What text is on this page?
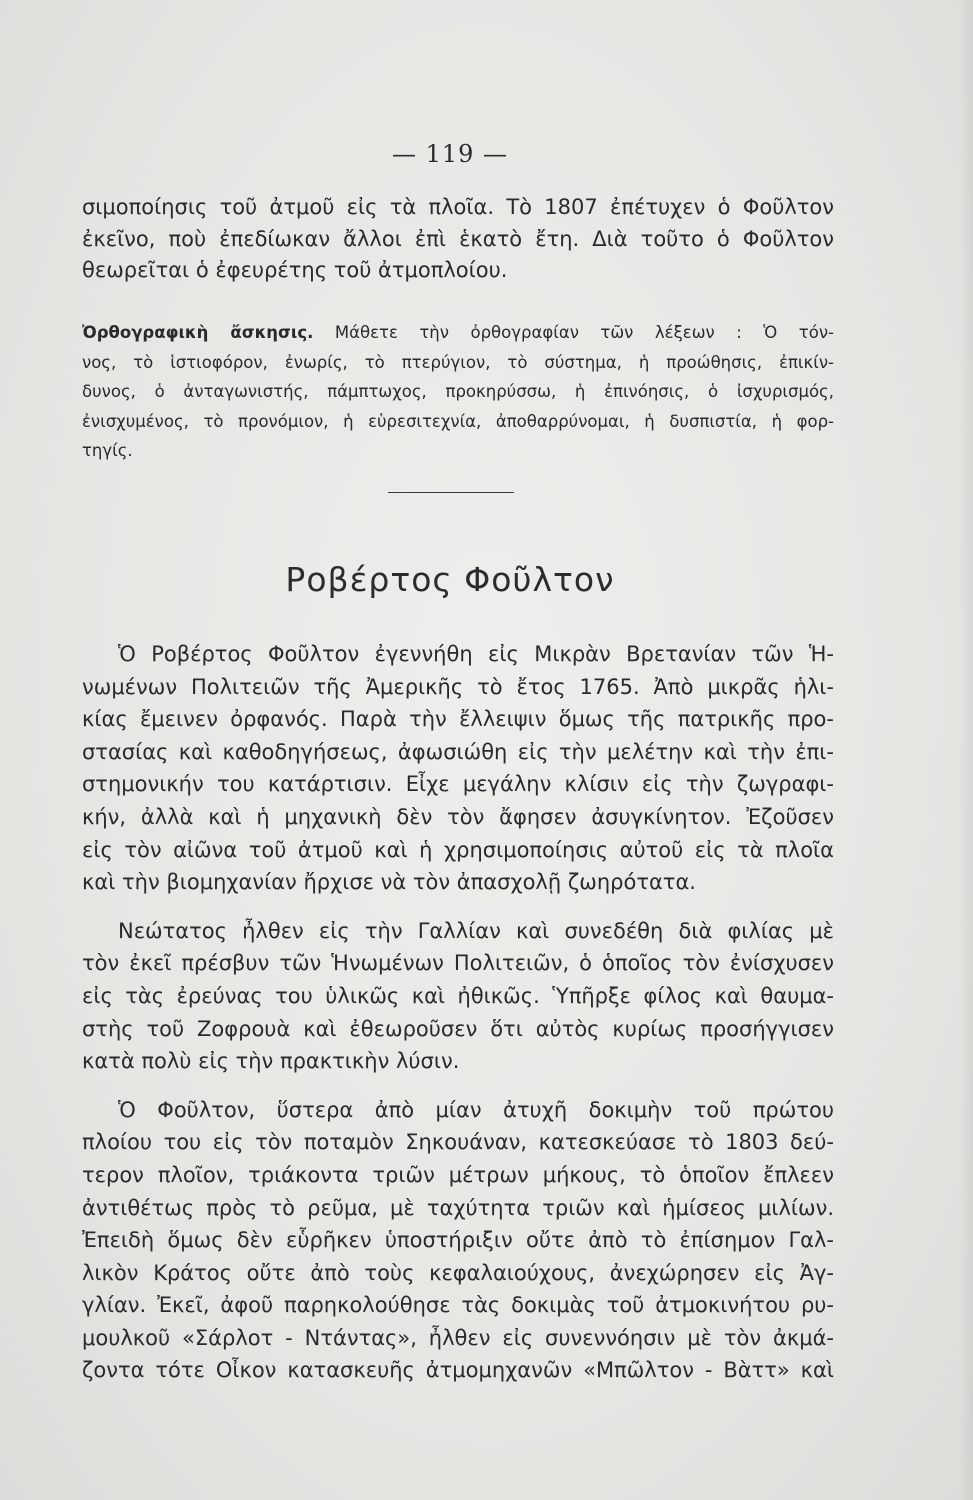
— 119 —
σιμοποίησις τοῦ ἀτμοῦ εἰς τὰ πλοῖα. Τὸ 1807 ἐπέτυχεν ὁ Φοῦλτον
ἐκεῖνο, ποὺ ἐπεδίωκαν ἄλλοι ἐπὶ ἑκατὸ ἔτη. Διὰ τοῦτο ὁ Φοῦλτον
θεωρεῖται ὁ ἐφευρέτης τοῦ ἀτμοπλοίου.
Ὀρθογραφικὴ ἄσκησις. Μάθετε τὴν ὀρθογραφίαν τῶν λέξεων : Ὁ τόν-
νος, τὸ ἱστιοφόρον, ἐνωρίς, τὸ πτερύγιον, τὸ σύστημα, ἡ προώθησις, ἐπικίν-
δυνος, ὁ ἀνταγωνιστής, πάμπτωχος, προκηρύσσω, ἡ ἐπινόησις, ὁ ἰσχυρισμός,
ἐνισχυμένος, τὸ προνόμιον, ἡ εὑρεσιτεχνία, ἀποθαρρύνομαι, ἡ δυσπιστία, ἡ φορ-
τηγίς.
Ροβέρτος Φοῦλτον
Ὁ Ροβέρτος Φοῦλτον ἐγεννήθη εἰς Μικρὰν Βρετανίαν τῶν Ἡ-
νωμένων Πολιτειῶν τῆς Ἀμερικῆς τὸ ἔτος 1765. Ἀπὸ μικρᾶς ἡλι-
κίας ἔμεινεν ὀρφανός. Παρὰ τὴν ἔλλειψιν ὅμως τῆς πατρικῆς προ-
στασίας καὶ καθοδηγήσεως, ἀφωσιώθη εἰς τὴν μελέτην καὶ τὴν ἐπι-
στημονικήν του κατάρτισιν. Εἶχε μεγάλην κλίσιν εἰς τὴν ζωγραφι-
κήν, ἀλλὰ καὶ ἡ μηχανικὴ δὲν τὸν ἄφησεν ἀσυγκίνητον. Ἐζοῦσεν
εἰς τὸν αἰῶνα τοῦ ἀτμοῦ καὶ ἡ χρησιμοποίησις αὐτοῦ εἰς τὰ πλοῖα
καὶ τὴν βιομηχανίαν ἤρχισε νὰ τὸν ἀπασχολῇ ζωηρότατα.
Νεώτατος ἦλθεν εἰς τὴν Γαλλίαν καὶ συνεδέθη διὰ φιλίας μὲ
τὸν ἐκεῖ πρέσβυν τῶν Ἡνωμένων Πολιτειῶν, ὁ ὁποῖος τὸν ἐνίσχυσεν
εἰς τὰς ἐρεύνας του ὑλικῶς καὶ ἠθικῶς. Ὑπῆρξε φίλος καὶ θαυμα-
στὴς τοῦ Ζοφρουὰ καὶ ἐθεωροῦσεν ὅτι αὐτὸς κυρίως προσήγγισεν
κατὰ πολὺ εἰς τὴν πρακτικὴν λύσιν.
Ὁ Φοῦλτον, ὕστερα ἀπὸ μίαν ἀτυχῆ δοκιμὴν τοῦ πρώτου
πλοίου του εἰς τὸν ποταμὸν Σηκουάναν, κατεσκεύασε τὸ 1803 δεύ-
τερον πλοῖον, τριάκοντα τριῶν μέτρων μήκους, τὸ ὁποῖον ἔπλεεν
ἀντιθέτως πρὸς τὸ ρεῦμα, μὲ ταχύτητα τριῶν καὶ ἡμίσεος μιλίων.
Ἐπειδὴ ὅμως δὲν εὗρῆκεν ὑποστήριξιν οὔτε ἀπὸ τὸ ἐπίσημον Γαλ-
λικὸν Κράτος οὔτε ἀπὸ τοὺς κεφαλαιούχους, ἀνεχώρησεν εἰς Ἀγ-
γλίαν. Ἐκεῖ, ἀφοῦ παρηκολούθησε τὰς δοκιμὰς τοῦ ἀτμοκινήτου ρυ-
μουλκοῦ «Σάρλοτ - Ντάντας», ἦλθεν εἰς συνεννόησιν μὲ τὸν ἀκμά-
ζοντα τότε Οἶκον κατασκευῆς ἀτμομηχανῶν «Μπῶλτον - Βὰττ» καὶ
